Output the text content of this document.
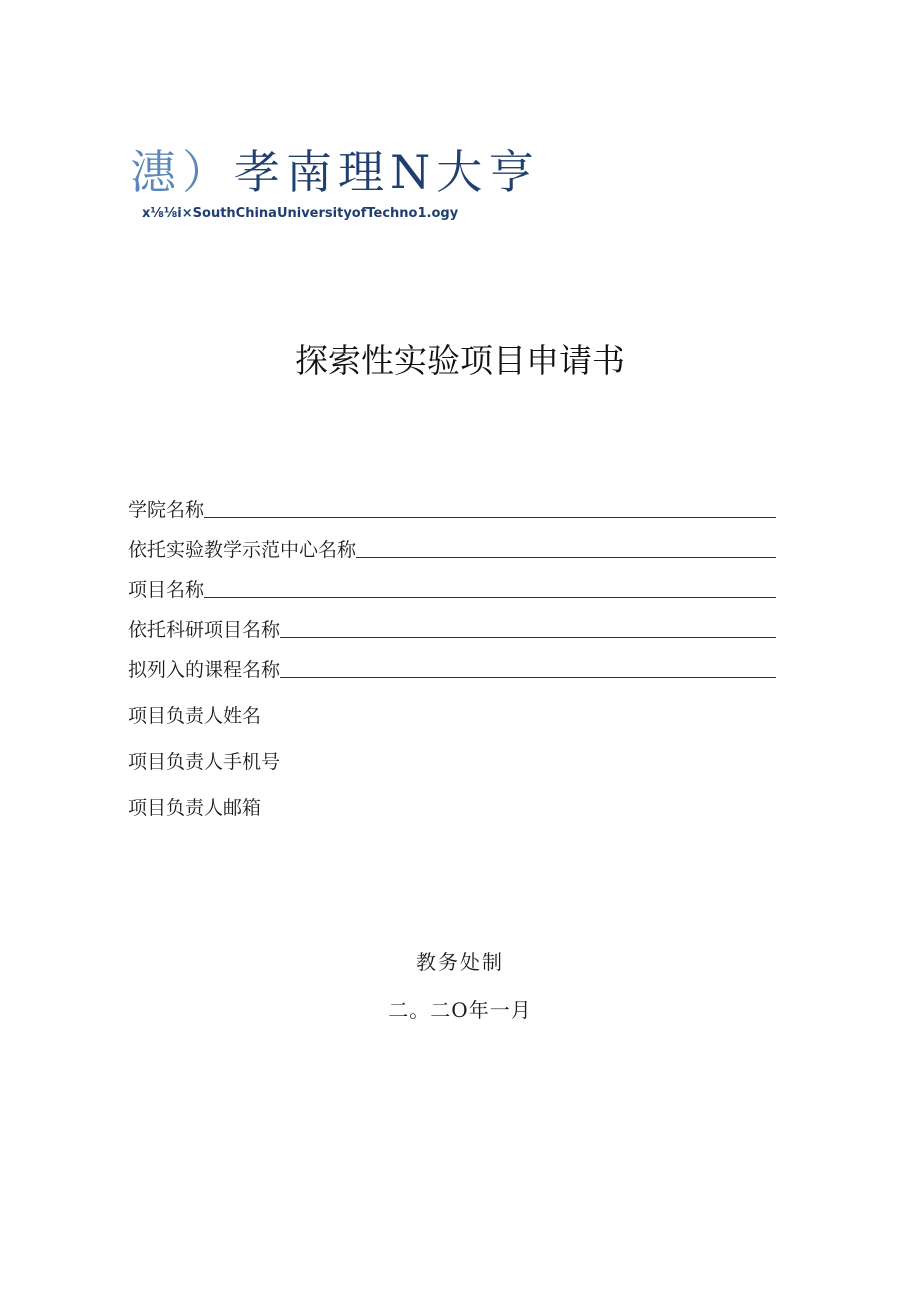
潓）孝南理N大亨
x⅛⅛i×SouthChinaUniversityofTechno1.ogy
探索性实验项目申请书
学院名称
依托实验教学示范中心名称
项目名称
依托科研项目名称
拟列入的课程名称
项目负责人姓名
项目负责人手机号
项目负责人邮箱
教务处制
二。二O年一月
